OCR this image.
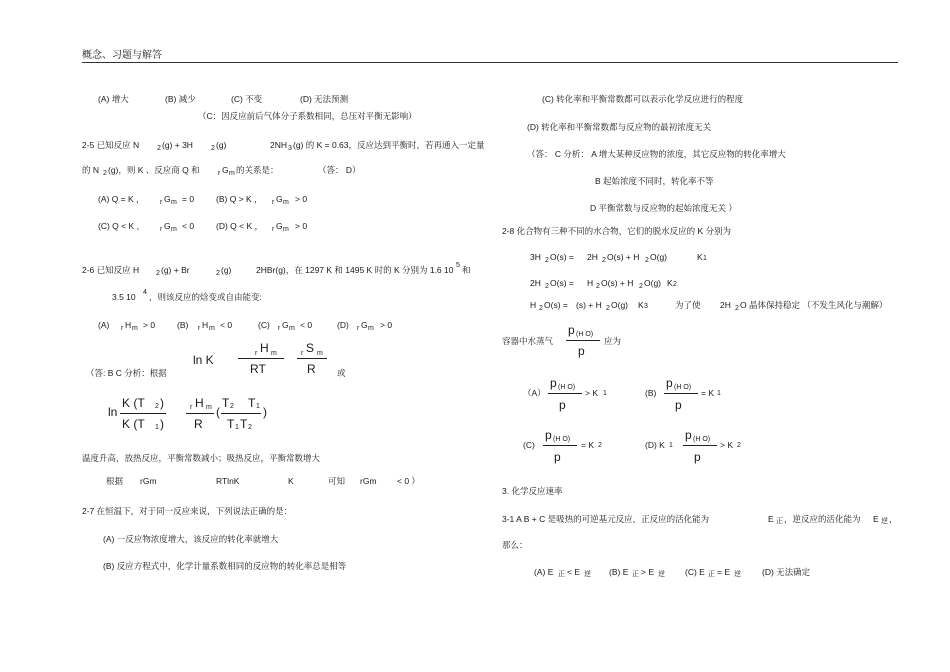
概念、习题与解答
(A) 增大	(B) 减少	(C) 不变	(D) 无法预测
（C：因反应前后气体分子系数相同，总压对平衡无影响）
2-5 已知反应 N	2 (g) + 3H	2 (g)	2NH 3 (g) 的 K = 0.63，反应达到平衡时，若再通入一定量
的 N 2 (g)，则 K 、反应商 Q 和	r G m 的关系是：	（答： D）
(A) Q = K ， r G m = 0	(B) Q > K ， r G m > 0
(C) Q < K ， r G m < 0	(D) Q < K ， r G m > 0
2-6 已知反应 H 2 (g) + Br	2 (g)	2HBr(g)，在 1297 K 和 1495 K 时的 K 分别为 1.6 10 5 和
3.5 10 4 ，则该反应的焓变或自由能变:
(A) r H m > 0	(B) r H m < 0	(C) r G m < 0	(D) r G m > 0
ln K	r H m
RT
r S m
R	或
（答: B C 分析：根据
ln
K (T 2 )
K (T 1 )
r H m
R
(
T 2 T 1
T 1 T 2
)
温度升高，放热反应，平衡常数减小；吸热反应，平衡常数增大
根据 rGm	RTlnK	K	可知 rGm < 0 ）
2-7 在恒温下，对于同一反应来说，下列说法正确的是：
(A) 一反应物浓度增大，该反应的转化率就增大
(B) 反应方程式中，化学计量系数相同的反应物的转化率总是相等
(C) 转化率和平衡常数都可以表示化学反应进行的程度
(D) 转化率和平衡常数都与反应物的最初浓度无关
（答： C 分析： A 增大某种反应物的浓度，其它反应物的转化率增大
B 起始浓度不同时，转化率不等
D 平衡常数与反应物的起始浓度无关 ）
2-8 化合物有三种不同的水合物，它们的脱水反应的 K 分别为
3H 2 O(s) = 2H 2 O(s) + H 2 O(g)	K 1
2H 2 O(s) = H 2 O(s) + H 2 O(g) K 2
H 2 O(s) = (s) + H 2 O(g) K 3	为了使 2H 2 O 晶体保持稳定 （不发生风化与潮解）
容器中水蒸气
p (H O)
p
应为
（A）
p (H O)
p
> K 1	(B)
p (H O)
p
= K 1
(C)
p (H O)
p
= K 2	(D) K 1
p (H O)
p
> K 2
3. 化学反应速率
3-1 A B + C 是吸热的可逆基元反应，正反应的活化能为	E 正 ，逆反应的活化能为 E 逆 ，
那么：
(A) E 正 < E 逆 (B) E 正 > E 逆 (C) E 正 = E 逆 (D) 无法确定
